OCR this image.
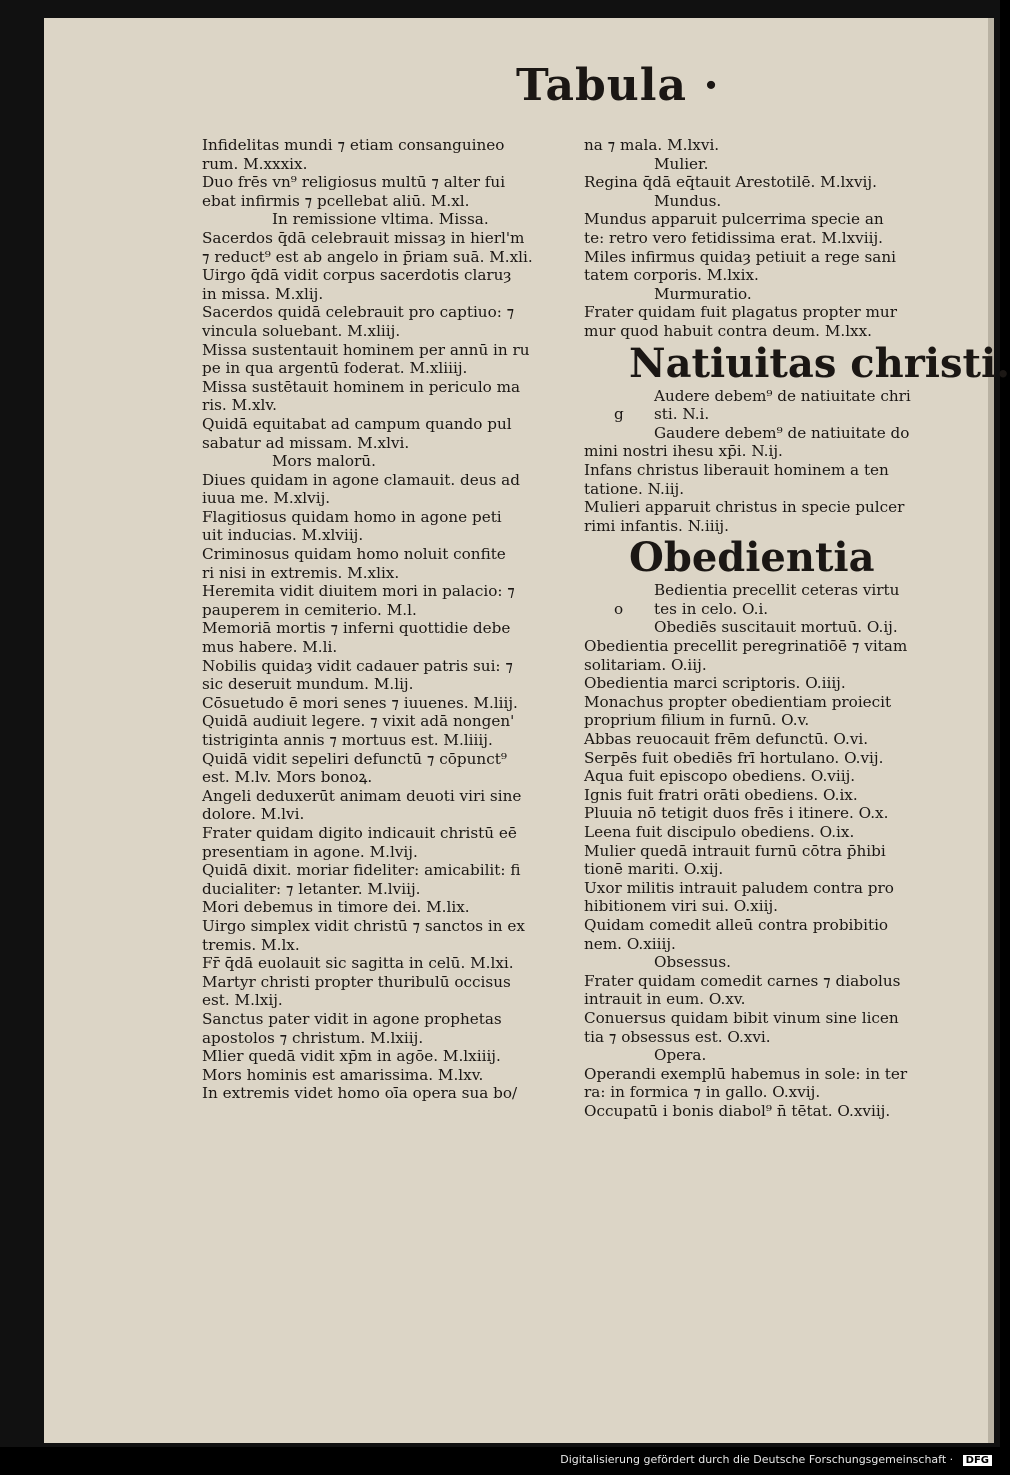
Tabula ·
Infidelitas mundi ⁊ etiam consanguineo
rum. M.xxxix.
Duo frēs vn⁹ religiosus multū ⁊ alter fui
ebat infirmis ⁊ pcellebat aliū. M.xl.
In remissione vltima. Missa.
Sacerdos q̄dā celebrauit missaȝ in hierl'm
⁊ reduct⁹ est ab angelo in p̄riam suā. M.xli.
Uirgo q̄dā vidit corpus sacerdotis claruȝ
in missa. M.xlij.
Sacerdos quidā celebrauit pro captiuo: ⁊
vincula soluebant. M.xliij.
Missa sustentauit hominem per annū in ru
pe in qua argentū foderat. M.xliiij.
Missa sustētauit hominem in periculo ma
ris. M.xlv.
Quidā equitabat ad campum quando pul
sabatur ad missam. M.xlvi.
Mors malorū.
Diues quidam in agone clamauit. deus ad
iuua me. M.xlvij.
Flagitiosus quidam homo in agone peti
uit inducias. M.xlviij.
Criminosus quidam homo noluit confite
ri nisi in extremis. M.xlix.
Heremita vidit diuitem mori in palacio: ⁊
pauperem in cemiterio. M.l.
Memoriā mortis ⁊ inferni quottidie debe
mus habere. M.li.
Nobilis quidaȝ vidit cadauer patris sui: ⁊
sic deseruit mundum. M.lij.
Cōsuetudo ē mori senes ⁊ iuuenes. M.liij.
Quidā audiuit legere. ⁊ vixit adā nongen'
tistriginta annis ⁊ mortuus est. M.liiij.
Quidā vidit sepeliri defunctū ⁊ cōpunct⁹
est. M.lv. Mors bonoꝝ.
Angeli deduxerūt animam deuoti viri sine
dolore. M.lvi.
Frater quidam digito indicauit christū eē
presentiam in agone. M.lvij.
Quidā dixit. moriar fideliter: amicabilit: fi
ducialiter: ⁊ letanter. M.lviij.
Mori debemus in timore dei. M.lix.
Uirgo simplex vidit christū ⁊ sanctos in ex
tremis. M.lx.
Fr̄ q̄dā euolauit sic sagitta in celū. M.lxi.
Martyr christi propter thuribulū occisus
est. M.lxij.
Sanctus pater vidit in agone prophetas
apostolos ⁊ christum. M.lxiij.
Mlier quedā vidit xp̄m in agōe. M.lxiiij.
Mors hominis est amarissima. M.lxv.
In extremis videt homo oīa opera sua bo/
na ⁊ mala. M.lxvi.
Mulier.
Regina q̄dā eq̄tauit Arestotilē. M.lxvij.
Mundus.
Mundus apparuit pulcerrima specie an
te: retro vero fetidissima erat. M.lxviij.
Miles infirmus quidaȝ petiuit a rege sani
tatem corporis. M.lxix.
Murmuratio.
Frater quidam fuit plagatus propter mur
mur quod habuit contra deum. M.lxx.
Natiuitas christi.
Audere debem⁹ de natiuitate chri
g sti. N.i.
Gaudere debem⁹ de natiuitate do
mini nostri ihesu xp̄i. N.ij.
Infans christus liberauit hominem a ten
tatione. N.iij.
Mulieri apparuit christus in specie pulcer
rimi infantis. N.iiij.
Obedientia
Bedientia precellit ceteras virtu
o tes in celo. O.i.
Obediēs suscitauit mortuū. O.ij.
Obedientia precellit peregrinatiōē ⁊ vitam
solitariam. O.iij.
Obedientia marci scriptoris. O.iiij.
Monachus propter obedientiam proiecit
proprium filium in furnū. O.v.
Abbas reuocauit frēm defunctū. O.vi.
Serpēs fuit obediēs frī hortulano. O.vij.
Aqua fuit episcopo obediens. O.viij.
Ignis fuit fratri orāti obediens. O.ix.
Pluuia nō tetigit duos frēs i itinere. O.x.
Leena fuit discipulo obediens. O.ix.
Mulier quedā intrauit furnū cōtra p̄hibi
tionē mariti. O.xij.
Uxor militis intrauit paludem contra pro
hibitionem viri sui. O.xiij.
Quidam comedit alleū contra probibitio
nem. O.xiiij.
Obsessus.
Frater quidam comedit carnes ⁊ diabolus
intrauit in eum. O.xv.
Conuersus quidam bibit vinum sine licen
tia ⁊ obsessus est. O.xvi.
Opera.
Operandi exemplū habemus in sole: in ter
ra: in formica ⁊ in gallo. O.xvij.
Occupatū i bonis diabol⁹ n̄ tētat. O.xviij.
Digitalisierung gefördert durch die Deutsche Forschungsgemeinschaft · DFG
